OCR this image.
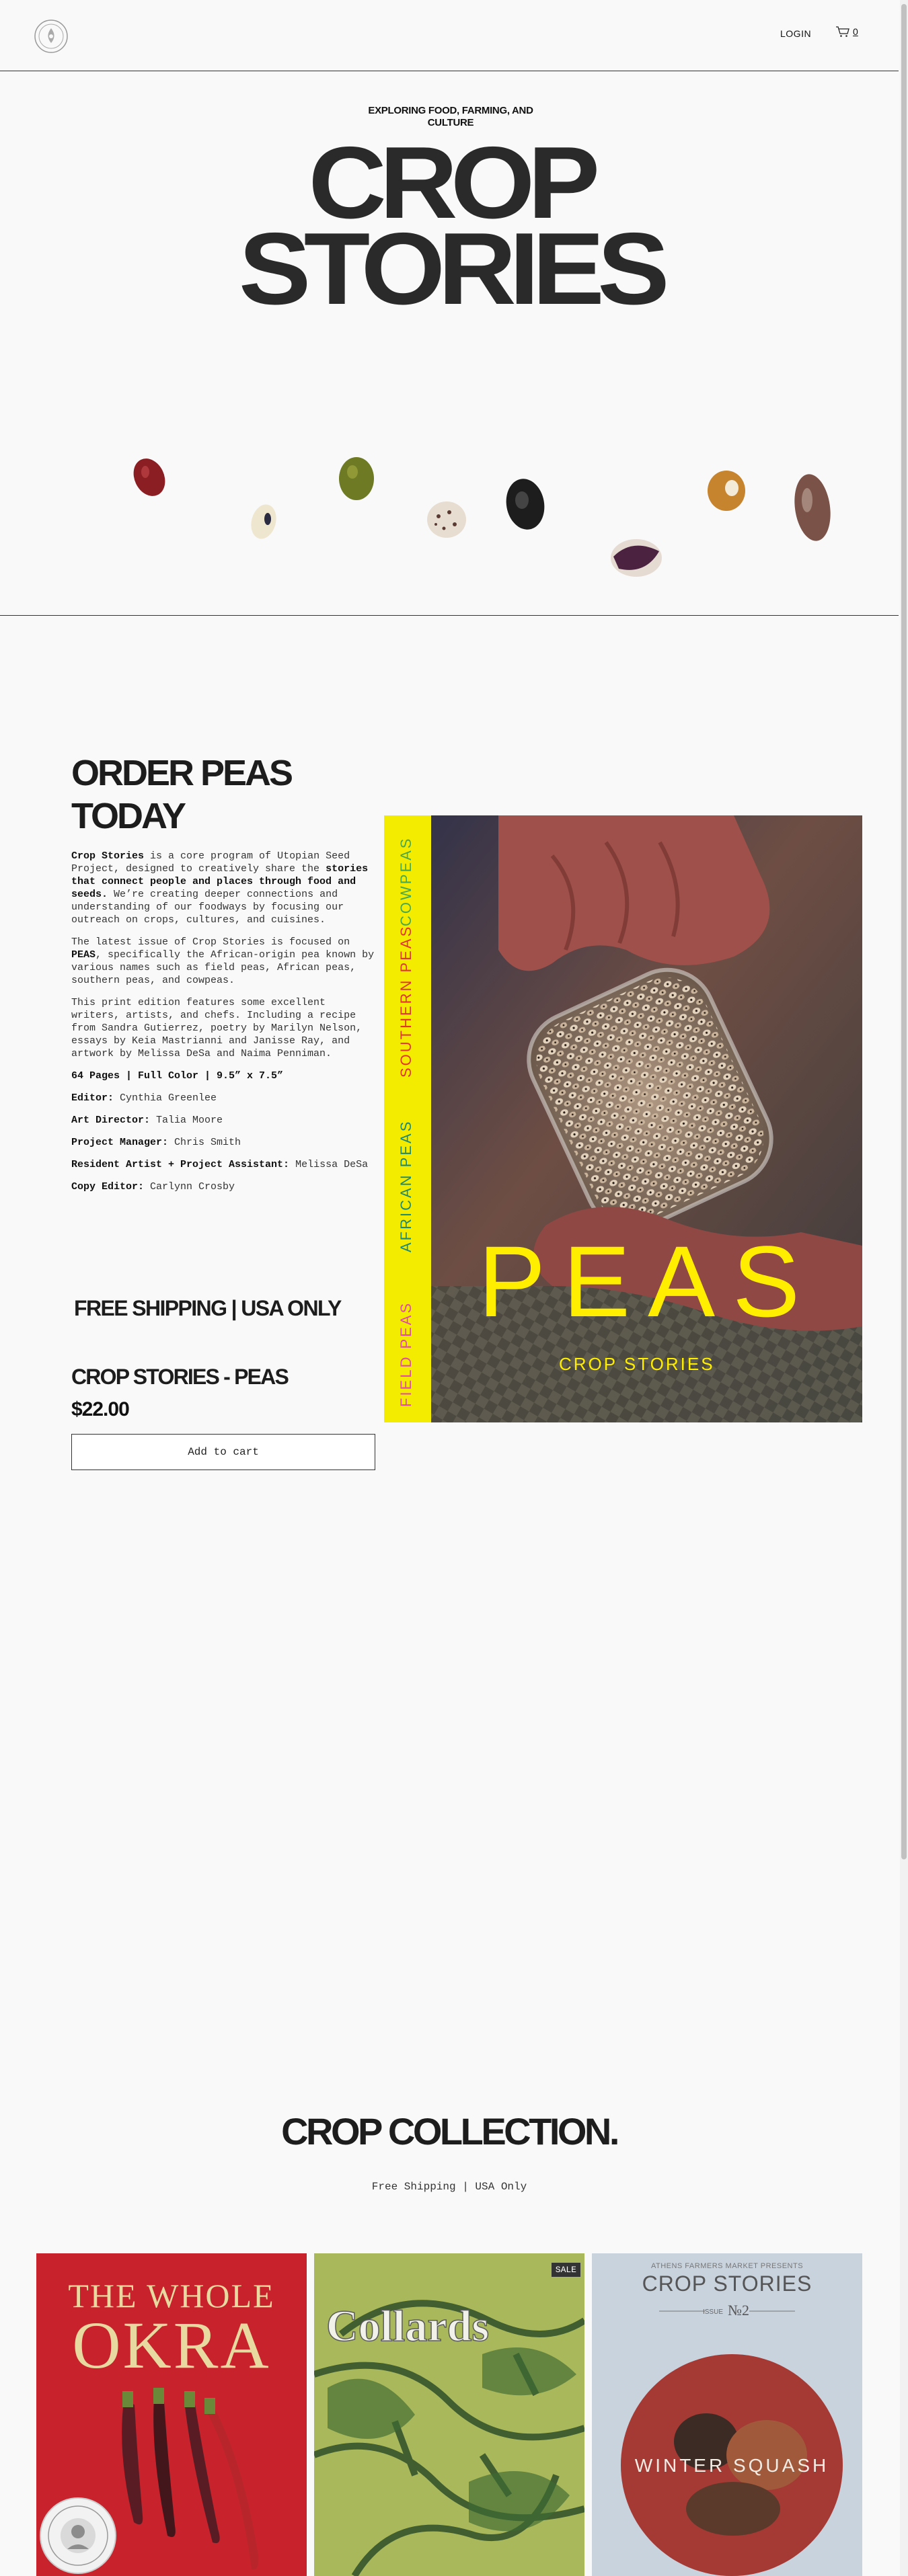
LOGIN	0
EXPLORING FOOD, FARMING, AND CULTURE
CROP
STORIES
ORDER PEAS
TODAY

Crop Stories is a core program of Utopian Seed Project, designed to creatively share the stories that connect people and places through food and seeds. We’re creating deeper connections and understanding of our foodways by focusing our outreach on crops, cultures, and cuisines.

The latest issue of Crop Stories is focused on PEAS, specifically the African-origin pea known by various names such as field peas, African peas, southern peas, and cowpeas.

This print edition features some excellent writers, artists, and chefs. Including a recipe from Sandra Gutierrez, poetry by Marilyn Nelson, essays by Keia Mastrianni and Janisse Ray, and artwork by Melissa DeSa and Naima Penniman.

64 Pages | Full Color | 9.5” x 7.5”

Editor: Cynthia Greenlee

Art Director: Talia Moore

Project Manager: Chris Smith

Resident Artist + Project Assistant: Melissa DeSa

Copy Editor: Carlynn Crosby

FREE SHIPPING | USA ONLY
CROP STORIES - PEAS
$22.00
Add to cart
FIELD PEAS
AFRICAN PEAS
SOUTHERN PEAS
COWPEAS
PEAS
CROP STORIES
CROP COLLECTION.
Free Shipping | USA Only
THE WHOLE
OKRA Collards
SALE	ATHENS FARMERS MARKET PRESENTS
CROP STORIES
ISSUE №2
WINTER SQUASH
